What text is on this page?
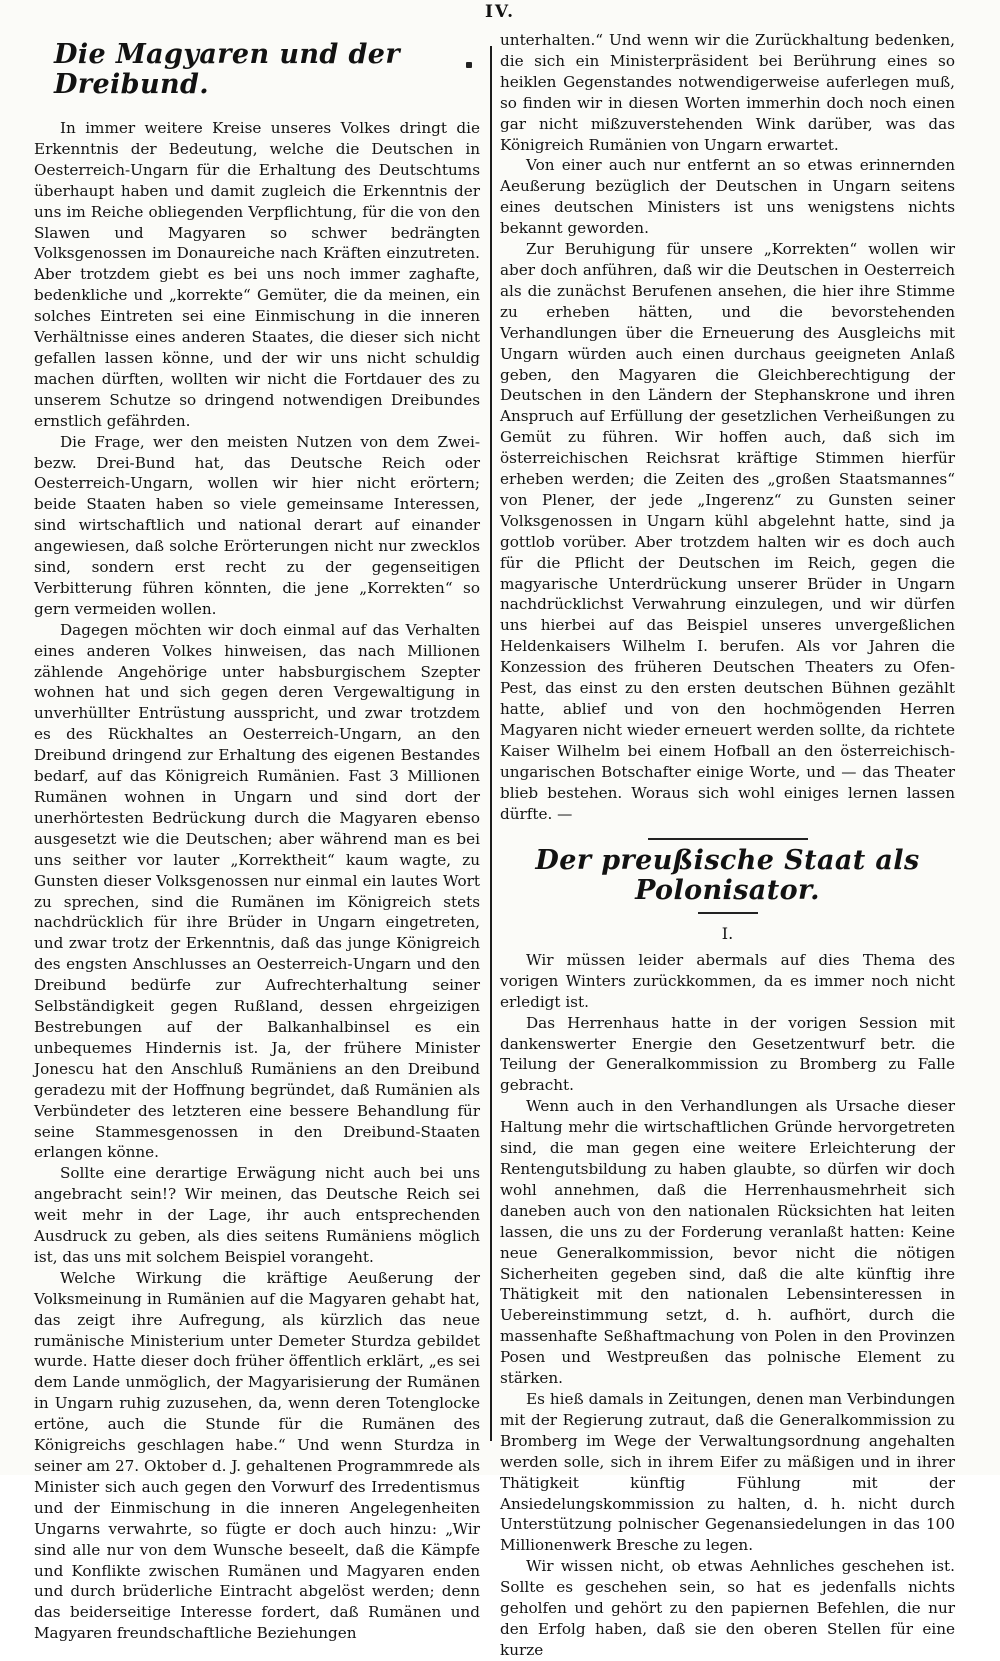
IV.
Die Magyaren und der Dreibund.

In immer weitere Kreise unseres Volkes dringt die Erkenntnis der Bedeutung, welche die Deutschen in Oesterreich-Ungarn für die Erhaltung des Deutschtums überhaupt haben und damit zugleich die Erkenntnis der uns im Reiche obliegenden Verpflichtung, für die von den Slawen und Magyaren so schwer bedrängten Volksgenossen im Donaureiche nach Kräften einzutreten. Aber trotzdem giebt es bei uns noch immer zaghafte, bedenkliche und „korrekte“ Gemüter, die da meinen, ein solches Eintreten sei eine Einmischung in die inneren Verhältnisse eines anderen Staates, die dieser sich nicht gefallen lassen könne, und der wir uns nicht schuldig machen dürften, wollten wir nicht die Fortdauer des zu unserem Schutze so dringend notwendigen Dreibundes ernstlich gefährden.

Die Frage, wer den meisten Nutzen von dem Zwei- bezw. Drei-Bund hat, das Deutsche Reich oder Oesterreich-Ungarn, wollen wir hier nicht erörtern; beide Staaten haben so viele gemeinsame Interessen, sind wirtschaftlich und national derart auf einander angewiesen, daß solche Erörterungen nicht nur zwecklos sind, sondern erst recht zu der gegenseitigen Verbitterung führen könnten, die jene „Korrekten“ so gern vermeiden wollen.

Dagegen möchten wir doch einmal auf das Verhalten eines anderen Volkes hinweisen, das nach Millionen zählende Angehörige unter habsburgischem Szepter wohnen hat und sich gegen deren Vergewaltigung in unverhüllter Entrüstung ausspricht, und zwar trotzdem es des Rückhaltes an Oesterreich-Ungarn, an den Dreibund dringend zur Erhaltung des eigenen Bestandes bedarf, auf das Königreich Rumänien. Fast 3 Millionen Rumänen wohnen in Ungarn und sind dort der unerhörtesten Bedrückung durch die Magyaren ebenso ausgesetzt wie die Deutschen; aber während man es bei uns seither vor lauter „Korrektheit“ kaum wagte, zu Gunsten dieser Volksgenossen nur einmal ein lautes Wort zu sprechen, sind die Rumänen im Königreich stets nachdrücklich für ihre Brüder in Ungarn eingetreten, und zwar trotz der Erkenntnis, daß das junge Königreich des engsten Anschlusses an Oesterreich-Ungarn und den Dreibund bedürfe zur Aufrechterhaltung seiner Selbständigkeit gegen Rußland, dessen ehrgeizigen Bestrebungen auf der Balkanhalbinsel es ein unbequemes Hindernis ist. Ja, der frühere Minister Jonescu hat den Anschluß Rumäniens an den Dreibund geradezu mit der Hoffnung begründet, daß Rumänien als Verbündeter des letzteren eine bessere Behandlung für seine Stammesgenossen in den Dreibund-Staaten erlangen könne.

Sollte eine derartige Erwägung nicht auch bei uns angebracht sein!? Wir meinen, das Deutsche Reich sei weit mehr in der Lage, ihr auch entsprechenden Ausdruck zu geben, als dies seitens Rumäniens möglich ist, das uns mit solchem Beispiel vorangeht.

Welche Wirkung die kräftige Aeußerung der Volksmeinung in Rumänien auf die Magyaren gehabt hat, das zeigt ihre Aufregung, als kürzlich das neue rumänische Ministerium unter Demeter Sturdza gebildet wurde. Hatte dieser doch früher öffentlich erklärt, „es sei dem Lande unmöglich, der Magyarisierung der Rumänen in Ungarn ruhig zuzusehen, da, wenn deren Totenglocke ertöne, auch die Stunde für die Rumänen des Königreichs geschlagen habe.“ Und wenn Sturdza in seiner am 27. Oktober d. J. gehaltenen Programmrede als Minister sich auch gegen den Vorwurf des Irredentismus und der Einmischung in die inneren Angelegenheiten Ungarns verwahrte, so fügte er doch auch hinzu: „Wir sind alle nur von dem Wunsche beseelt, daß die Kämpfe und Konflikte zwischen Rumänen und Magyaren enden und durch brüderliche Eintracht abgelöst werden; denn das beiderseitige Interesse fordert, daß Rumänen und Magyaren freundschaftliche Beziehungen

unterhalten.“ Und wenn wir die Zurückhaltung bedenken, die sich ein Ministerpräsident bei Berührung eines so heiklen Gegenstandes notwendigerweise auferlegen muß, so finden wir in diesen Worten immerhin doch noch einen gar nicht mißzuverstehenden Wink darüber, was das Königreich Rumänien von Ungarn erwartet.

Von einer auch nur entfernt an so etwas erinnernden Aeußerung bezüglich der Deutschen in Ungarn seitens eines deutschen Ministers ist uns wenigstens nichts bekannt geworden.

Zur Beruhigung für unsere „Korrekten“ wollen wir aber doch anführen, daß wir die Deutschen in Oesterreich als die zunächst Berufenen ansehen, die hier ihre Stimme zu erheben hätten, und die bevorstehenden Verhandlungen über die Erneuerung des Ausgleichs mit Ungarn würden auch einen durchaus geeigneten Anlaß geben, den Magyaren die Gleichberechtigung der Deutschen in den Ländern der Stephanskrone und ihren Anspruch auf Erfüllung der gesetzlichen Verheißungen zu Gemüt zu führen. Wir hoffen auch, daß sich im österreichischen Reichsrat kräftige Stimmen hierfür erheben werden; die Zeiten des „großen Staatsmannes“ von Plener, der jede „Ingerenz“ zu Gunsten seiner Volksgenossen in Ungarn kühl abgelehnt hatte, sind ja gottlob vorüber. Aber trotzdem halten wir es doch auch für die Pflicht der Deutschen im Reich, gegen die magyarische Unterdrückung unserer Brüder in Ungarn nachdrücklichst Verwahrung einzulegen, und wir dürfen uns hierbei auf das Beispiel unseres unvergeßlichen Heldenkaisers Wilhelm I. berufen. Als vor Jahren die Konzession des früheren Deutschen Theaters zu Ofen-Pest, das einst zu den ersten deutschen Bühnen gezählt hatte, ablief und von den hochmögenden Herren Magyaren nicht wieder erneuert werden sollte, da richtete Kaiser Wilhelm bei einem Hofball an den österreichisch-ungarischen Botschafter einige Worte, und — das Theater blieb bestehen. Woraus sich wohl einiges lernen lassen dürfte. —

Der preußische Staat als Polonisator.
I.

Wir müssen leider abermals auf dies Thema des vorigen Winters zurückkommen, da es immer noch nicht erledigt ist.

Das Herrenhaus hatte in der vorigen Session mit dankenswerter Energie den Gesetzentwurf betr. die Teilung der Generalkommission zu Bromberg zu Falle gebracht.

Wenn auch in den Verhandlungen als Ursache dieser Haltung mehr die wirtschaftlichen Gründe hervorgetreten sind, die man gegen eine weitere Erleichterung der Rentengutsbildung zu haben glaubte, so dürfen wir doch wohl annehmen, daß die Herrenhausmehrheit sich daneben auch von den nationalen Rücksichten hat leiten lassen, die uns zu der Forderung veranlaßt hatten: Keine neue Generalkommission, bevor nicht die nötigen Sicherheiten gegeben sind, daß die alte künftig ihre Thätigkeit mit den nationalen Lebensinteressen in Uebereinstimmung setzt, d. h. aufhört, durch die massenhafte Seßhaftmachung von Polen in den Provinzen Posen und Westpreußen das polnische Element zu stärken.

Es hieß damals in Zeitungen, denen man Verbindungen mit der Regierung zutraut, daß die Generalkommission zu Bromberg im Wege der Verwaltungsordnung angehalten werden solle, sich in ihrem Eifer zu mäßigen und in ihrer Thätigkeit künftig Fühlung mit der Ansiedelungskommission zu halten, d. h. nicht durch Unterstützung polnischer Gegenansiedelungen in das 100 Millionenwerk Bresche zu legen.

Wir wissen nicht, ob etwas Aehnliches geschehen ist. Sollte es geschehen sein, so hat es jedenfalls nichts geholfen und gehört zu den papiernen Befehlen, die nur den Erfolg haben, daß sie den oberen Stellen für eine kurze
